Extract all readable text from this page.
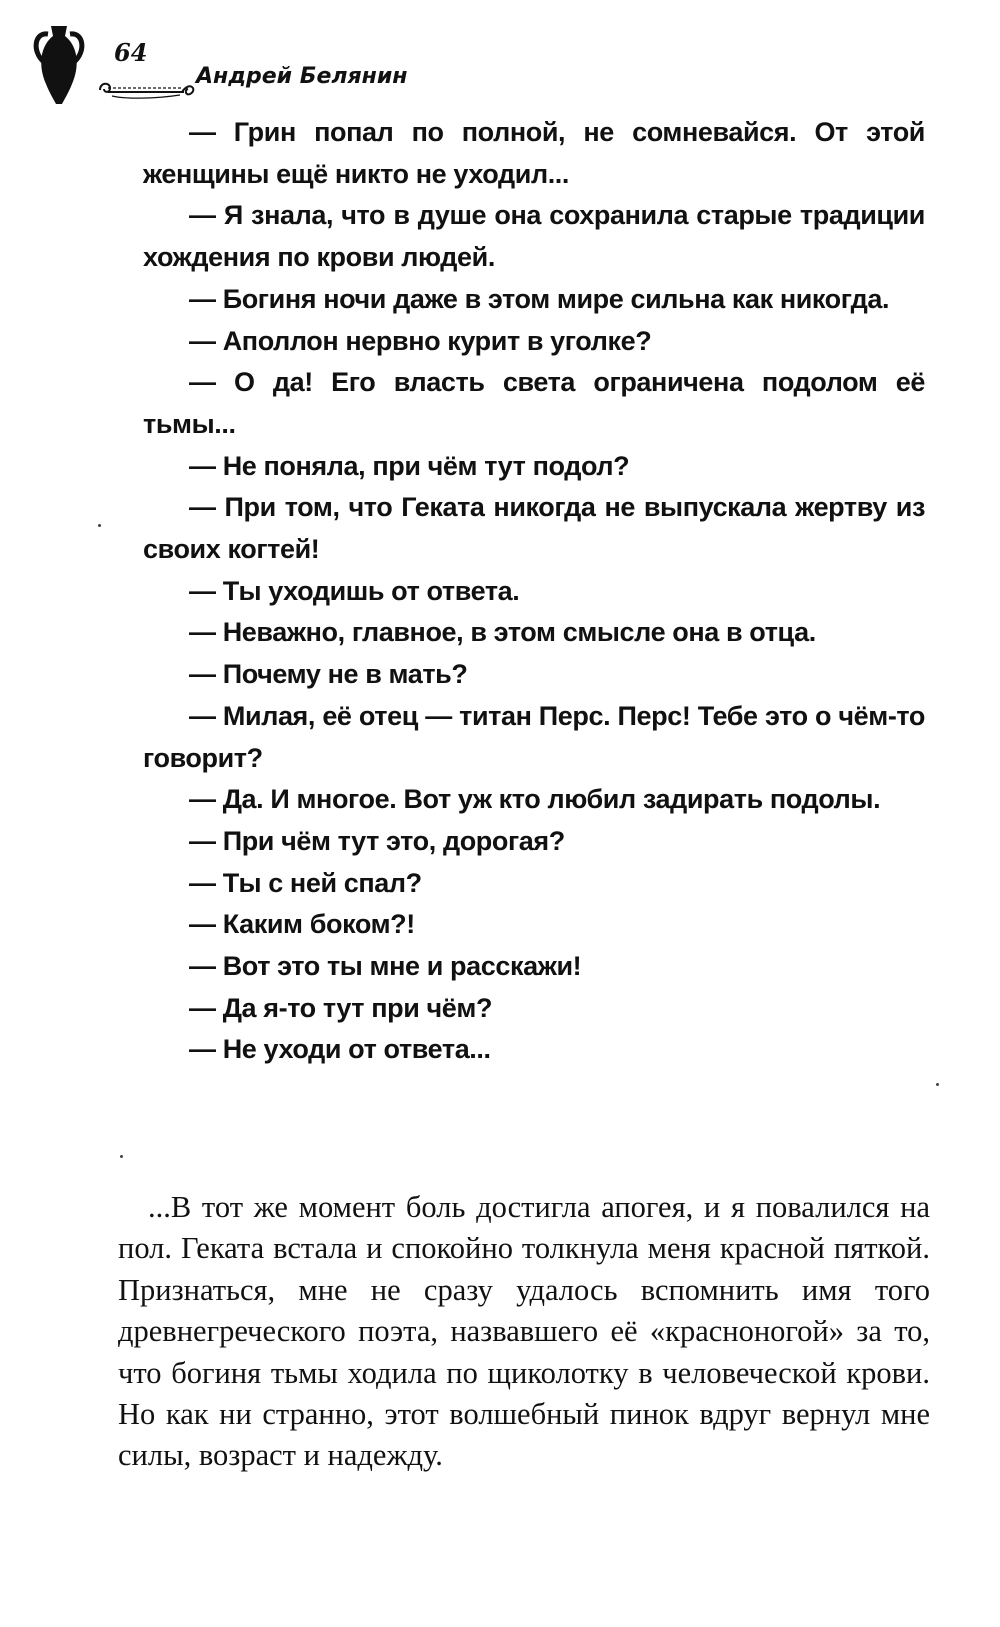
64
Андрей Белянин

— Грин попал по полной, не сомневайся. От этой женщины ещё никто не уходил...

— Я знала, что в душе она сохранила старые традиции хождения по крови людей.

— Богиня ночи даже в этом мире сильна как никогда.

— Аполлон нервно курит в уголке?

— О да! Его власть света ограничена подолом её тьмы...

— Не поняла, при чём тут подол?

— При том, что Геката никогда не выпускала жертву из своих когтей!

— Ты уходишь от ответа.

— Неважно, главное, в этом смысле она в отца.

— Почему не в мать?

— Милая, её отец — титан Перс. Перс! Тебе это о чём-то говорит?

— Да. И многое. Вот уж кто любил задирать подолы.

— При чём тут это, дорогая?

— Ты с ней спал?

— Каким боком?!

— Вот это ты мне и расскажи!

— Да я-то тут при чём?

— Не уходи от ответа...

...В тот же момент боль достигла апогея, и я повалился на пол. Геката встала и спокойно толкнула меня красной пяткой. Признаться, мне не сразу удалось вспомнить имя того древнегреческого поэта, назвавшего её «красноногой» за то, что богиня тьмы ходила по щиколотку в человеческой крови. Но как ни странно, этот волшебный пинок вдруг вернул мне силы, возраст и надежду.
